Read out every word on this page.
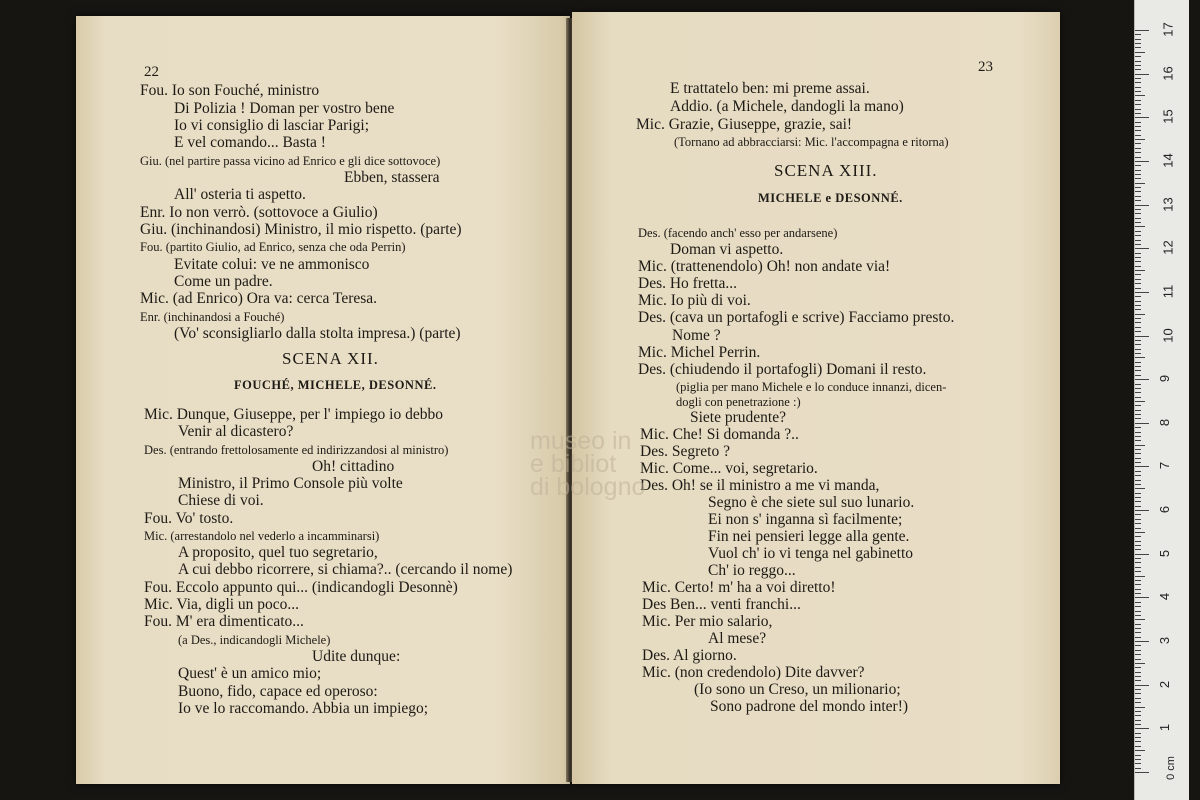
22
Fou. Io son Fouché, ministro
Di Polizia ! Doman per vostro bene
Io vi consiglio di lasciar Parigi;
E vel comando... Basta !
Giu. (nel partire passa vicino ad Enrico e gli dice sottovoce)
Ebben, stassera
All' osteria ti aspetto.
Enr. Io non verrò. (sottovoce a Giulio)
Giu. (inchinandosi) Ministro, il mio rispetto. (parte)
Fou. (partito Giulio, ad Enrico, senza che oda Perrin)
Evitate colui: ve ne ammonisco
Come un padre.
Mic. (ad Enrico) Ora va: cerca Teresa.
Enr. (inchinandosi a Fouché)
(Vo' sconsigliarlo dalla stolta impresa.) (parte)
SCENA XII.
FOUCHÉ, MICHELE, DESONNÉ.
Mic. Dunque, Giuseppe, per l' impiego io debbo
Venir al dicastero?
Des. (entrando frettolosamente ed indirizzandosi al ministro)
Oh! cittadino
Ministro, il Primo Console più volte
Chiese di voi.
Fou. Vo' tosto.
Mic. (arrestandolo nel vederlo a incamminarsi)
A proposito, quel tuo segretario,
A cui debbo ricorrere, si chiama?.. (cercando il nome)
Fou. Eccolo appunto qui... (indicandogli Desonnè)
Mic. Via, digli un poco...
Fou. M' era dimenticato...
(a Des., indicandogli Michele)
Udite dunque:
Quest' è un amico mio;
Buono, fido, capace ed operoso:
Io ve lo raccomando. Abbia un impiego;
23
E trattatelo ben: mi preme assai.
Addio. (a Michele, dandogli la mano)
Mic. Grazie, Giuseppe, grazie, sai!
(Tornano ad abbracciarsi: Mic. l'accompagna e ritorna)
SCENA XIII.
MICHELE e DESONNÉ.
Des. (facendo anch' esso per andarsene)
Doman vi aspetto.
Mic. (trattenendolo) Oh! non andate via!
Des. Ho fretta...
Mic. Io più di voi.
Des. (cava un portafogli e scrive) Facciamo presto.
Nome ?
Mic. Michel Perrin.
Des. (chiudendo il portafogli) Domani il resto.
(piglia per mano Michele e lo conduce innanzi, dicen-
dogli con penetrazione :)
Siete prudente?
Mic. Che! Si domanda ?..
Des. Segreto ?
Mic. Come... voi, segretario.
Des. Oh! se il ministro a me vi manda,
Segno è che siete sul suo lunario.
Ei non s' inganna sì facilmente;
Fin nei pensieri legge alla gente.
Vuol ch' io vi tenga nel gabinetto
Ch' io reggo...
Mic. Certo! m' ha a voi diretto!
Des Ben... venti franchi...
Mic. Per mio salario,
Al mese?
Des. Al giorno.
Mic. (non credendolo) Dite davver?
(Io sono un Creso, un milionario;
Sono padrone del mondo inter!)
museo in
e bibliot
di bologno
0 cm
17
16
15
14
13
12
11
10
9
8
7
6
5
4
3
2
1
